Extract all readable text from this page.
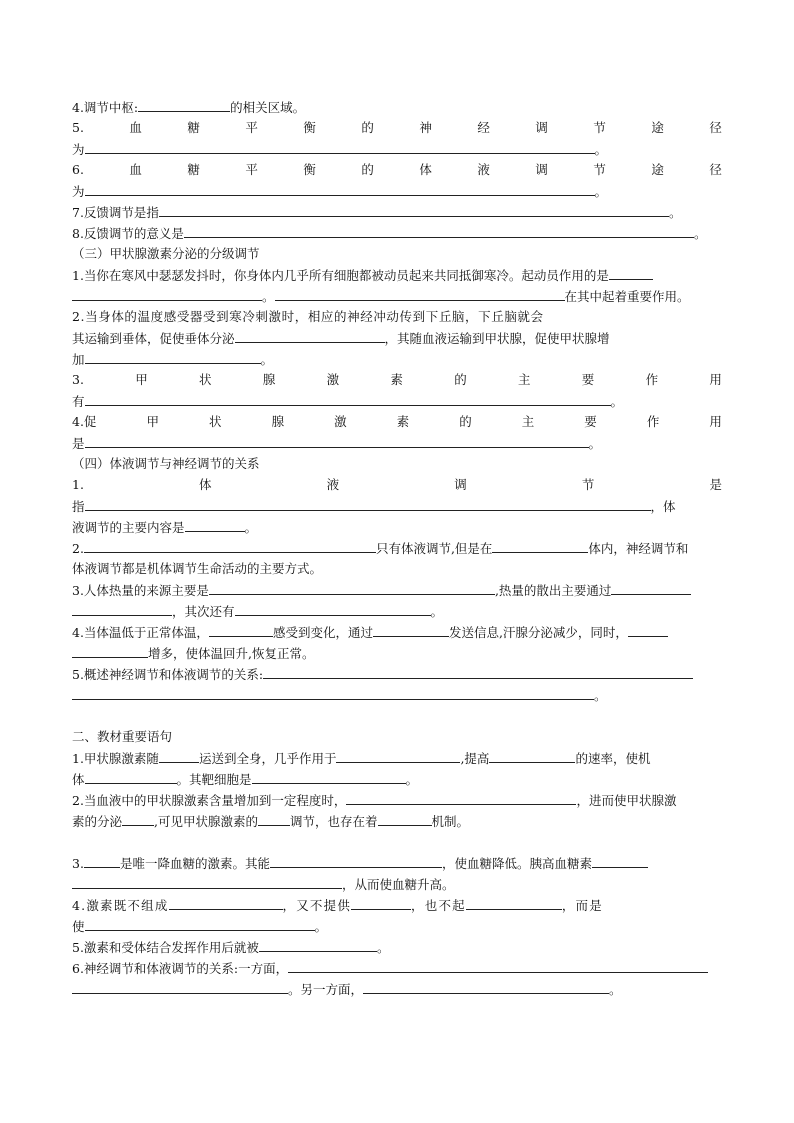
4.调节中枢:	的相关区域。
5.	血	糖	平	衡	的	神	经	调	节	途	径
为	。
6.	血	糖	平	衡	的	体	液	调	节	途	径
为	。
7.反馈调节是指	。
8.反馈调节的意义是	。
（三）甲状腺激素分泌的分级调节
1.当你在寒风中瑟瑟发抖时，你身体内几乎所有细胞都被动员起来共同抵御寒冷。起动员作用的是
。	在其中起着重要作用。
2.当身体的温度感受器受到寒冷刺激时，相应的神经冲动传到下丘脑，下丘脑就会
其运输到垂体，促使垂体分泌	，其随血液运输到甲状腺，促使甲状腺增
加	。
3.	甲	状	腺	激	素	的	主	要	作	用
有	。
4.促	甲	状	腺	激	素	的	主	要	作	用
是	。
（四）体液调节与神经调节的关系
1.	体	液	调	节	是
指	，体
液调节的主要内容是	。
2.	只有体液调节,但是在	体内，神经调节和
体液调节都是机体调节生命活动的主要方式。
3.人体热量的来源主要是	,热量的散出主要通过
，其次还有	。
4.当体温低于正常体温，	感受到变化，通过	发送信息,汗腺分泌减少，同时，
增多，使体温回升,恢复正常。
5.概述神经调节和体液调节的关系:
。
二、教材重要语句
1.甲状腺激素随	运送到全身，几乎作用于	,提高	的速率，使机
体	。其靶细胞是	。
2.当血液中的甲状腺激素含量增加到一定程度时，	，进而使甲状腺激
素的分泌	,可见甲状腺激素的	调节，也存在着	机制。
3.	是唯一降血糖的激素。其能	，使血糖降低。胰高血糖素
，从而使血糖升高。
4.激素既不组成	，又不提供	，也不起	，而是
使	。
5.激素和受体结合发挥作用后就被	。
6.神经调节和体液调节的关系:一方面，
。另一方面，	。
